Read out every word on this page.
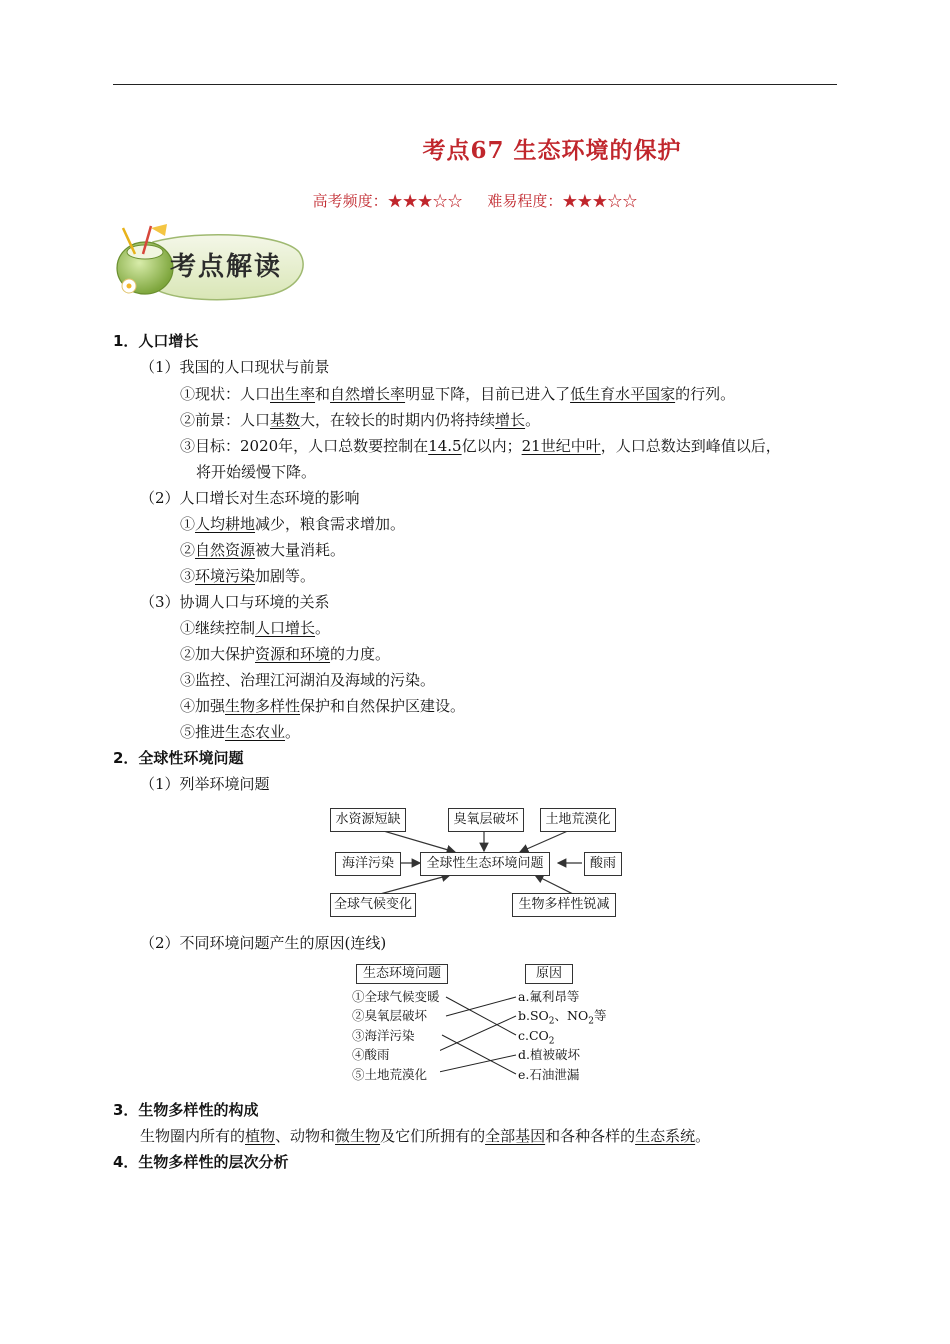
考点67 生态环境的保护
高考频度：★★★☆☆ 难易程度：★★★☆☆
考点解读
1．人口增长
（1）我国的人口现状与前景
①现状：人口出生率和自然增长率明显下降，目前已进入了低生育水平国家的行列。
②前景：人口基数大，在较长的时期内仍将持续增长。
③目标：2020年，人口总数要控制在14.5亿以内；21世纪中叶，人口总数达到峰值以后，
将开始缓慢下降。
（2）人口增长对生态环境的影响
①人均耕地减少，粮食需求增加。
②自然资源被大量消耗。
③环境污染加剧等。
（3）协调人口与环境的关系
①继续控制人口增长。
②加大保护资源和环境的力度。
③监控、治理江河湖泊及海域的污染。
④加强生物多样性保护和自然保护区建设。
⑤推进生态农业。
2．全球性环境问题
（1）列举环境问题
水资源短缺	臭氧层破坏	土地荒漠化
海洋污染	全球性生态环境问题	酸雨
全球气候变化	生物多样性锐减
（2）不同环境问题产生的原因(连线)
生态环境问题	原因
①全球气候变暖
②臭氧层破坏
③海洋污染
④酸雨
⑤土地荒漠化
a.氟利昂等
$b.SO_2$、$NO_2$等
$c.CO_2$
d.植被破坏
e.石油泄漏
3．生物多样性的构成
生物圈内所有的植物、动物和微生物及它们所拥有的全部基因和各种各样的生态系统。
4．生物多样性的层次分析
